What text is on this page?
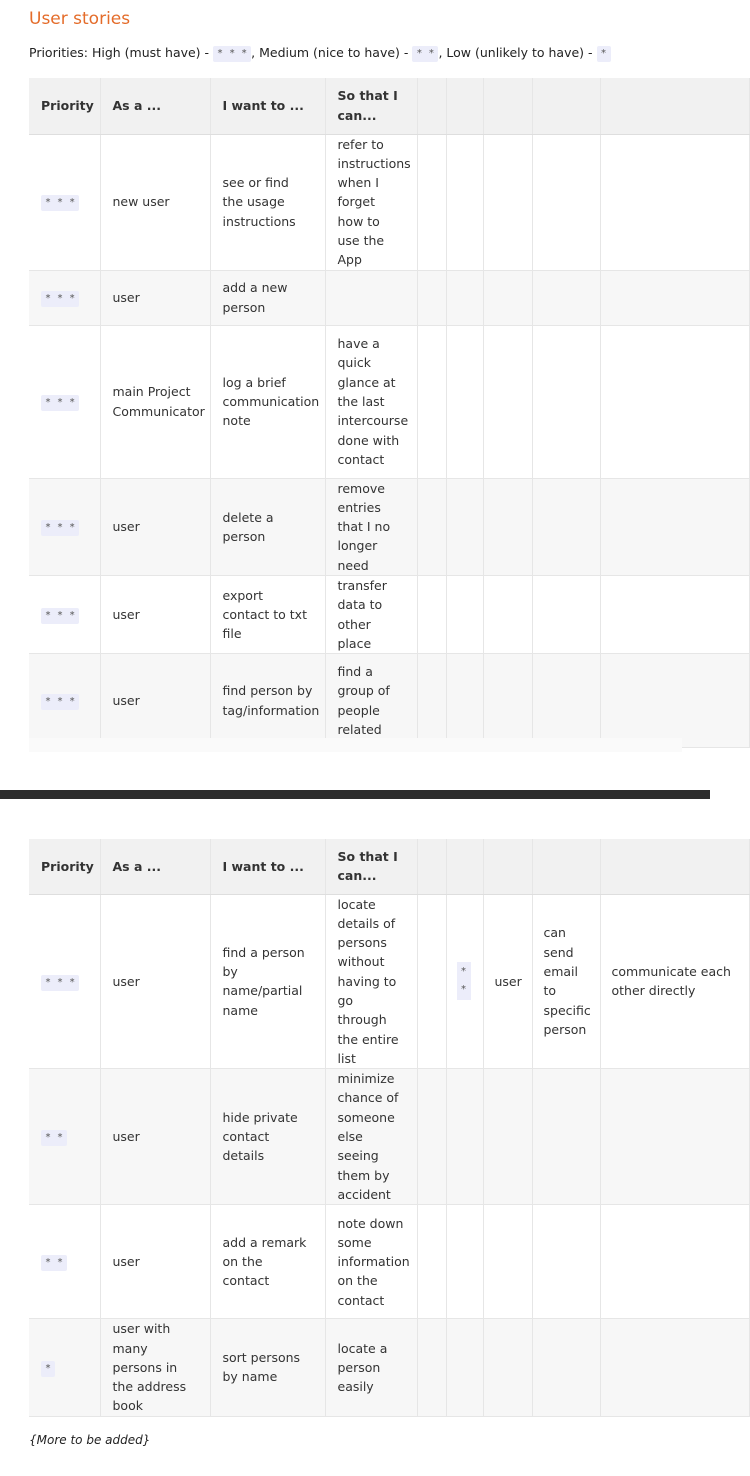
User stories
Priorities: High (must have) - * * * , Medium (nice to have) - * * , Low (unlikely to have) - *
Priority	As a ...	I want to ...	So that I can...					
* * *	new user	see or find the usage instructions	refer to instructions when I forget how to use the App					
* * *	user	add a new person						
* * *	main Project Communicator	log a brief communication note	have a quick glance at the last intercourse done with contact					
* * *	user	delete a person	remove entries that I no longer need					
* * *	user	export contact to txt file	transfer data to other place					
* * *	user	find person by tag/information	find a group of people related					
Priority	As a ...	I want to ...	So that I can...					
* * *	user	find a person by name/partial name	locate details of persons without having to go through the entire list		* *	user	can send email to specific person	communicate each other directly
* *	user	hide private contact details	minimize chance of someone else seeing them by accident					
* *	user	add a remark on the contact	note down some information on the contact					
*	user with many persons in the address book	sort persons by name	locate a person easily					
{More to be added}
